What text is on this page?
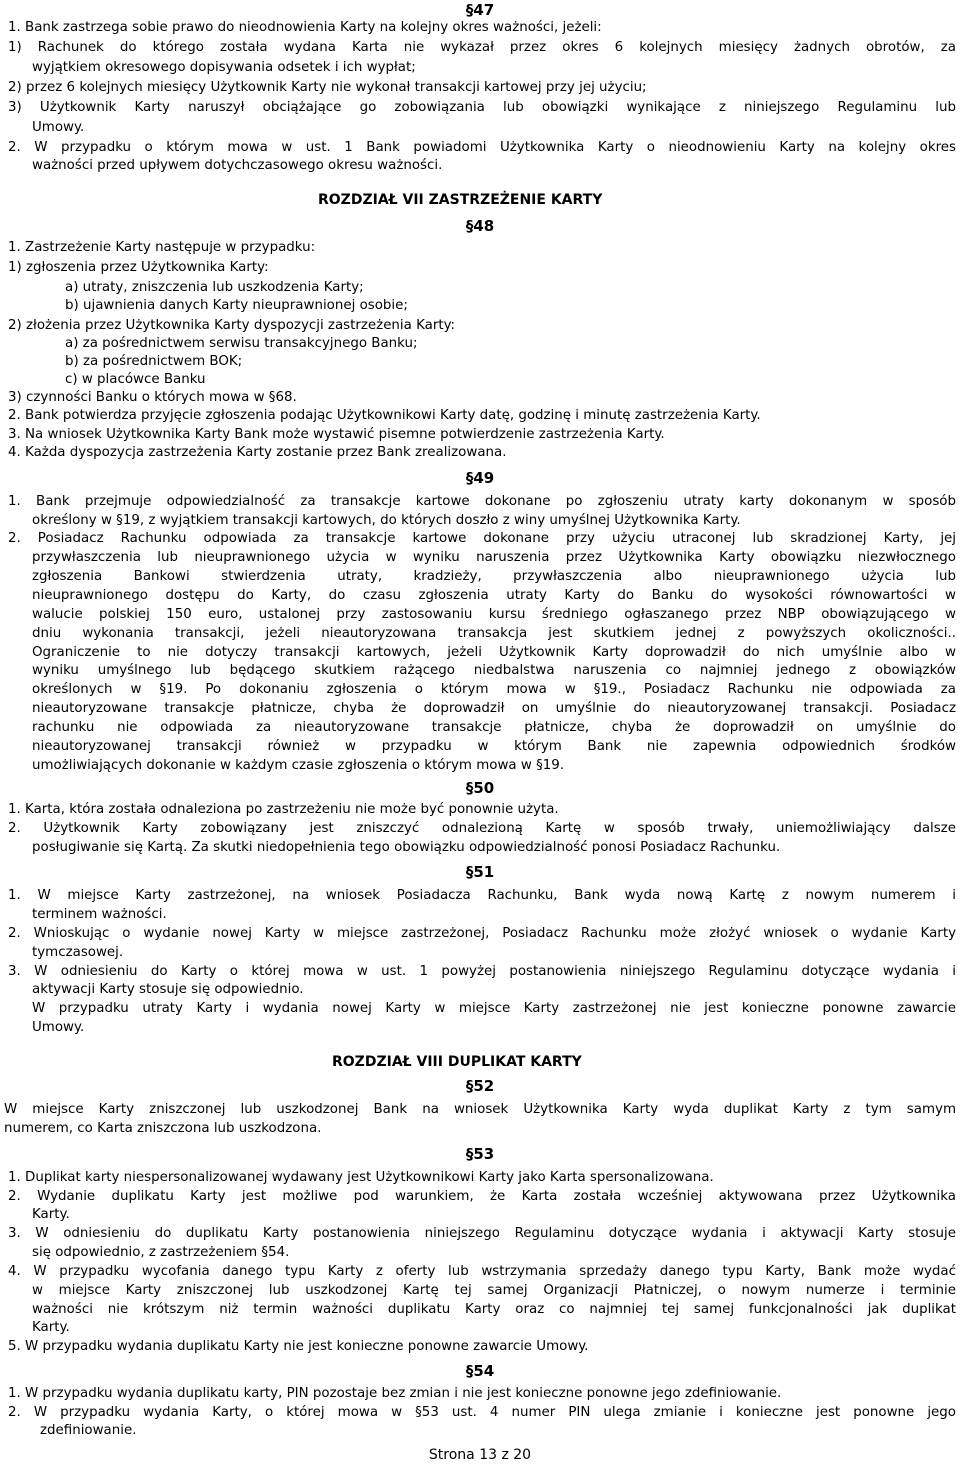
§47
1. Bank zastrzega sobie prawo do nieodnowienia Karty na kolejny okres ważności, jeżeli:
1) Rachunek do którego została wydana Karta nie wykazał przez okres 6 kolejnych miesięcy żadnych obrotów, za
wyjątkiem okresowego dopisywania odsetek i ich wypłat;
2) przez 6 kolejnych miesięcy Użytkownik Karty nie wykonał transakcji kartowej przy jej użyciu;
3) Użytkownik Karty naruszył obciążające go zobowiązania lub obowiązki wynikające z niniejszego Regulaminu lub
Umowy.
2. W przypadku o którym mowa w ust. 1 Bank powiadomi Użytkownika Karty o nieodnowieniu Karty na kolejny okres
ważności przed upływem dotychczasowego okresu ważności.
ROZDZIAŁ VII ZASTRZEŻENIE KARTY
§48
1. Zastrzeżenie Karty następuje w przypadku:
1) zgłoszenia przez Użytkownika Karty:
a) utraty, zniszczenia lub uszkodzenia Karty;
b) ujawnienia danych Karty nieuprawnionej osobie;
2) złożenia przez Użytkownika Karty dyspozycji zastrzeżenia Karty:
a) za pośrednictwem serwisu transakcyjnego Banku;
b) za pośrednictwem BOK;
c) w placówce Banku
3) czynności Banku o których mowa w §68.
2. Bank potwierdza przyjęcie zgłoszenia podając Użytkownikowi Karty datę, godzinę i minutę zastrzeżenia Karty.
3. Na wniosek Użytkownika Karty Bank może wystawić pisemne potwierdzenie zastrzeżenia Karty.
4. Każda dyspozycja zastrzeżenia Karty zostanie przez Bank zrealizowana.
§49
1. Bank przejmuje odpowiedzialność za transakcje kartowe dokonane po zgłoszeniu utraty karty dokonanym w sposób
określony w §19, z wyjątkiem transakcji kartowych, do których doszło z winy umyślnej Użytkownika Karty.
2. Posiadacz Rachunku odpowiada za transakcje kartowe dokonane przy użyciu utraconej lub skradzionej Karty, jej
przywłaszczenia lub nieuprawnionego użycia w wyniku naruszenia przez Użytkownika Karty obowiązku niezwłocznego
zgłoszenia Bankowi stwierdzenia utraty, kradzieży, przywłaszczenia albo nieuprawnionego użycia lub
nieuprawnionego dostępu do Karty, do czasu zgłoszenia utraty Karty do Banku do wysokości równowartości w
walucie polskiej 150 euro, ustalonej przy zastosowaniu kursu średniego ogłaszanego przez NBP obowiązującego w
dniu wykonania transakcji, jeżeli nieautoryzowana transakcja jest skutkiem jednej z powyższych okoliczności..
Ograniczenie to nie dotyczy transakcji kartowych, jeżeli Użytkownik Karty doprowadził do nich umyślnie albo w
wyniku umyślnego lub będącego skutkiem rażącego niedbalstwa naruszenia co najmniej jednego z obowiązków
określonych w §19. Po dokonaniu zgłoszenia o którym mowa w §19., Posiadacz Rachunku nie odpowiada za
nieautoryzowane transakcje płatnicze, chyba że doprowadził on umyślnie do nieautoryzowanej transakcji. Posiadacz
rachunku nie odpowiada za nieautoryzowane transakcje płatnicze, chyba że doprowadził on umyślnie do
nieautoryzowanej transakcji również w przypadku w którym Bank nie zapewnia odpowiednich środków
umożliwiających dokonanie w każdym czasie zgłoszenia o którym mowa w §19.
§50
1. Karta, która została odnaleziona po zastrzeżeniu nie może być ponownie użyta.
2. Użytkownik Karty zobowiązany jest zniszczyć odnalezioną Kartę w sposób trwały, uniemożliwiający dalsze
posługiwanie się Kartą. Za skutki niedopełnienia tego obowiązku odpowiedzialność ponosi Posiadacz Rachunku.
§51
1. W miejsce Karty zastrzeżonej, na wniosek Posiadacza Rachunku, Bank wyda nową Kartę z nowym numerem i
terminem ważności.
2. Wnioskując o wydanie nowej Karty w miejsce zastrzeżonej, Posiadacz Rachunku może złożyć wniosek o wydanie Karty
tymczasowej.
3. W odniesieniu do Karty o której mowa w ust. 1 powyżej postanowienia niniejszego Regulaminu dotyczące wydania i
aktywacji Karty stosuje się odpowiednio.
W przypadku utraty Karty i wydania nowej Karty w miejsce Karty zastrzeżonej nie jest konieczne ponowne zawarcie
Umowy.
ROZDZIAŁ VIII DUPLIKAT KARTY
§52
W miejsce Karty zniszczonej lub uszkodzonej Bank na wniosek Użytkownika Karty wyda duplikat Karty z tym samym
numerem, co Karta zniszczona lub uszkodzona.
§53
1. Duplikat karty niespersonalizowanej wydawany jest Użytkownikowi Karty jako Karta spersonalizowana.
2. Wydanie duplikatu Karty jest możliwe pod warunkiem, że Karta została wcześniej aktywowana przez Użytkownika
Karty.
3. W odniesieniu do duplikatu Karty postanowienia niniejszego Regulaminu dotyczące wydania i aktywacji Karty stosuje
się odpowiednio, z zastrzeżeniem §54.
4. W przypadku wycofania danego typu Karty z oferty lub wstrzymania sprzedaży danego typu Karty, Bank może wydać
w miejsce Karty zniszczonej lub uszkodzonej Kartę tej samej Organizacji Płatniczej, o nowym numerze i terminie
ważności nie krótszym niż termin ważności duplikatu Karty oraz co najmniej tej samej funkcjonalności jak duplikat
Karty.
5. W przypadku wydania duplikatu Karty nie jest konieczne ponowne zawarcie Umowy.
§54
1. W przypadku wydania duplikatu karty, PIN pozostaje bez zmian i nie jest konieczne ponowne jego zdefiniowanie.
2. W przypadku wydania Karty, o której mowa w §53 ust. 4 numer PIN ulega zmianie i konieczne jest ponowne jego
zdefiniowanie.
Strona 13 z 20
